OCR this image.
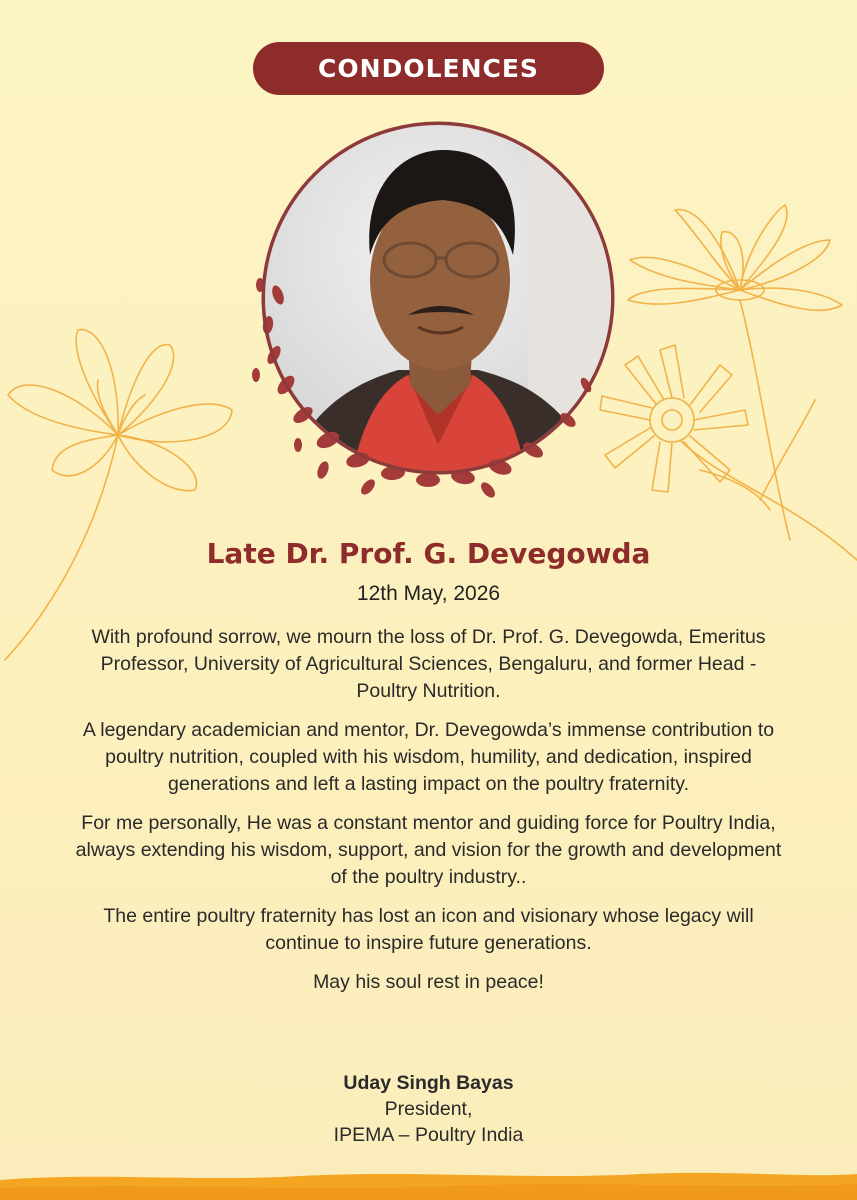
CONDOLENCES
Late Dr. Prof. G. Devegowda
12th May, 2026

With profound sorrow, we mourn the loss of Dr. Prof. G. Devegowda, Emeritus Professor, University of Agricultural Sciences, Bengaluru, and former Head - Poultry Nutrition.

A legendary academician and mentor, Dr. Devegowda’s immense contribution to poultry nutrition, coupled with his wisdom, humility, and dedication, inspired generations and left a lasting impact on the poultry fraternity.

For me personally, He was a constant mentor and guiding force for Poultry India, always extending his wisdom, support, and vision for the growth and development of the poultry industry..

The entire poultry fraternity has lost an icon and visionary whose legacy will continue to inspire future generations.

May his soul rest in peace!

Uday Singh Bayas
President,
IPEMA – Poultry India
